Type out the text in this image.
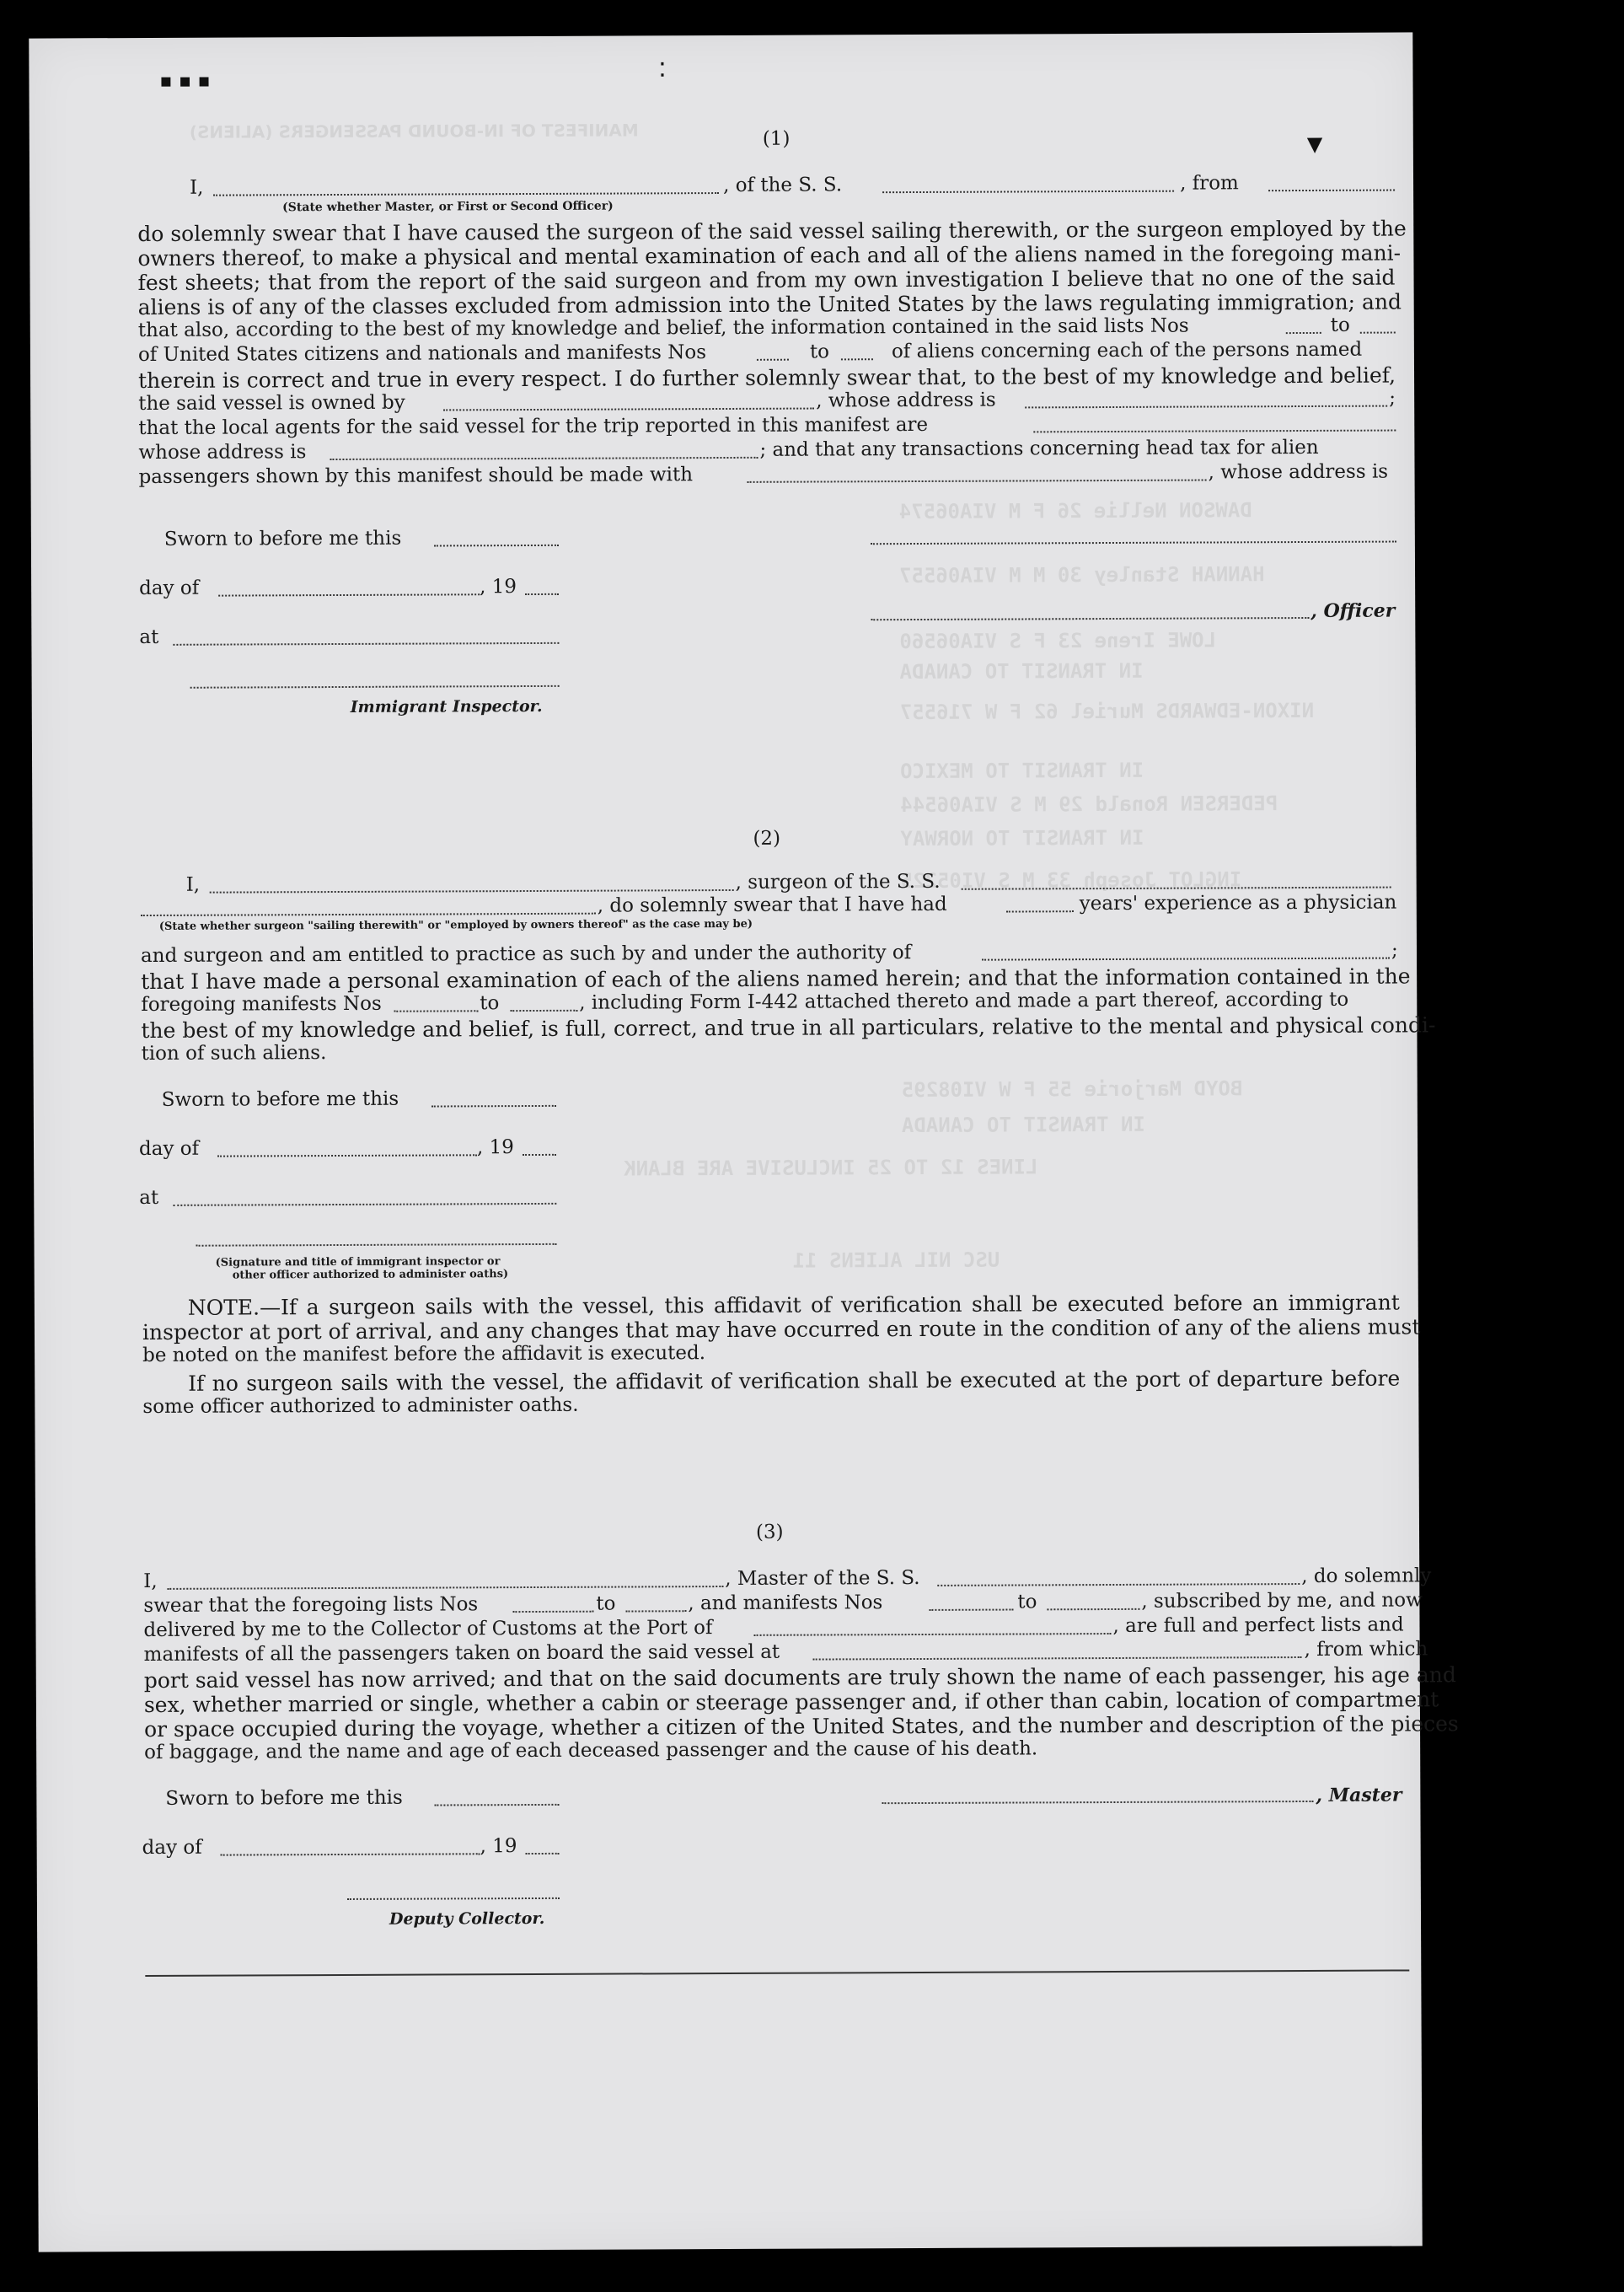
MANIFEST OF IN-BOUND PASSENGERS (ALIENS)
DAWSON Nellie 26 F M VIA06574
HANNAH Stanley 30 M M VIA06557
LOWE Irene 23 F S VIA06560
IN TRANSIT TO CANADA
NIXON-EDWARDS Muriel 62 F W 716557
IN TRANSIT TO MEXICO
PEDERSEN Ronald 29 M S VIA06544
IN TRANSIT TO NORWAY
INGLOT Joseph 33 M S VI05225
BOYD Marjorie 55 F W VI08295
IN TRANSIT TO CANADA
LINES 12 TO 25 INCLUSIVE ARE BLANK
USC NIL ALIENS 11
▪ ▪ ▪	⁚
▼
(1)
I,	, of the S. S.	, from
(State whether Master, or First or Second Officer)
do solemnly swear that I have caused the surgeon of the said vessel sailing therewith, or the surgeon employed by the
owners thereof, to make a physical and mental examination of each and all of the aliens named in the foregoing mani-
fest sheets; that from the report of the said surgeon and from my own investigation I believe that no one of the said
aliens is of any of the classes excluded from admission into the United States by the laws regulating immigration; and
that also, according to the best of my knowledge and belief, the information contained in the said lists Nos	to
of United States citizens and nationals and manifests Nos	to	of aliens concerning each of the persons named
therein is correct and true in every respect. I do further solemnly swear that, to the best of my knowledge and belief,
the said vessel is owned by	, whose address is	;
that the local agents for the said vessel for the trip reported in this manifest are
whose address is	; and that any transactions concerning head tax for alien
passengers shown by this manifest should be made with	, whose address is
Sworn to before me this
day of	, 19
, Officer
at
Immigrant Inspector.
(2)
I,	, surgeon of the S. S.
, do solemnly swear that I have had	years' experience as a physician
(State whether surgeon "sailing therewith" or "employed by owners thereof" as the case may be)
and surgeon and am entitled to practice as such by and under the authority of	;
that I have made a personal examination of each of the aliens named herein; and that the information contained in the
foregoing manifests Nos	to	, including Form I-442 attached thereto and made a part thereof, according to
the best of my knowledge and belief, is full, correct, and true in all particulars, relative to the mental and physical condi-
tion of such aliens.
Sworn to before me this
day of	, 19
at
(Signature and title of immigrant inspector or
other officer authorized to administer oaths)
NOTE.—If a surgeon sails with the vessel, this affidavit of verification shall be executed before an immigrant
inspector at port of arrival, and any changes that may have occurred en route in the condition of any of the aliens must
be noted on the manifest before the affidavit is executed.
If no surgeon sails with the vessel, the affidavit of verification shall be executed at the port of departure before
some officer authorized to administer oaths.
(3)
I,	, Master of the S. S.	, do solemnly
swear that the foregoing lists Nos	to	, and manifests Nos	to	, subscribed by me, and now
delivered by me to the Collector of Customs at the Port of	, are full and perfect lists and
manifests of all the passengers taken on board the said vessel at	, from which
port said vessel has now arrived; and that on the said documents are truly shown the name of each passenger, his age and
sex, whether married or single, whether a cabin or steerage passenger and, if other than cabin, location of compartment
or space occupied during the voyage, whether a citizen of the United States, and the number and description of the pieces
of baggage, and the name and age of each deceased passenger and the cause of his death.
Sworn to before me this	, Master
day of	, 19
Deputy Collector.
